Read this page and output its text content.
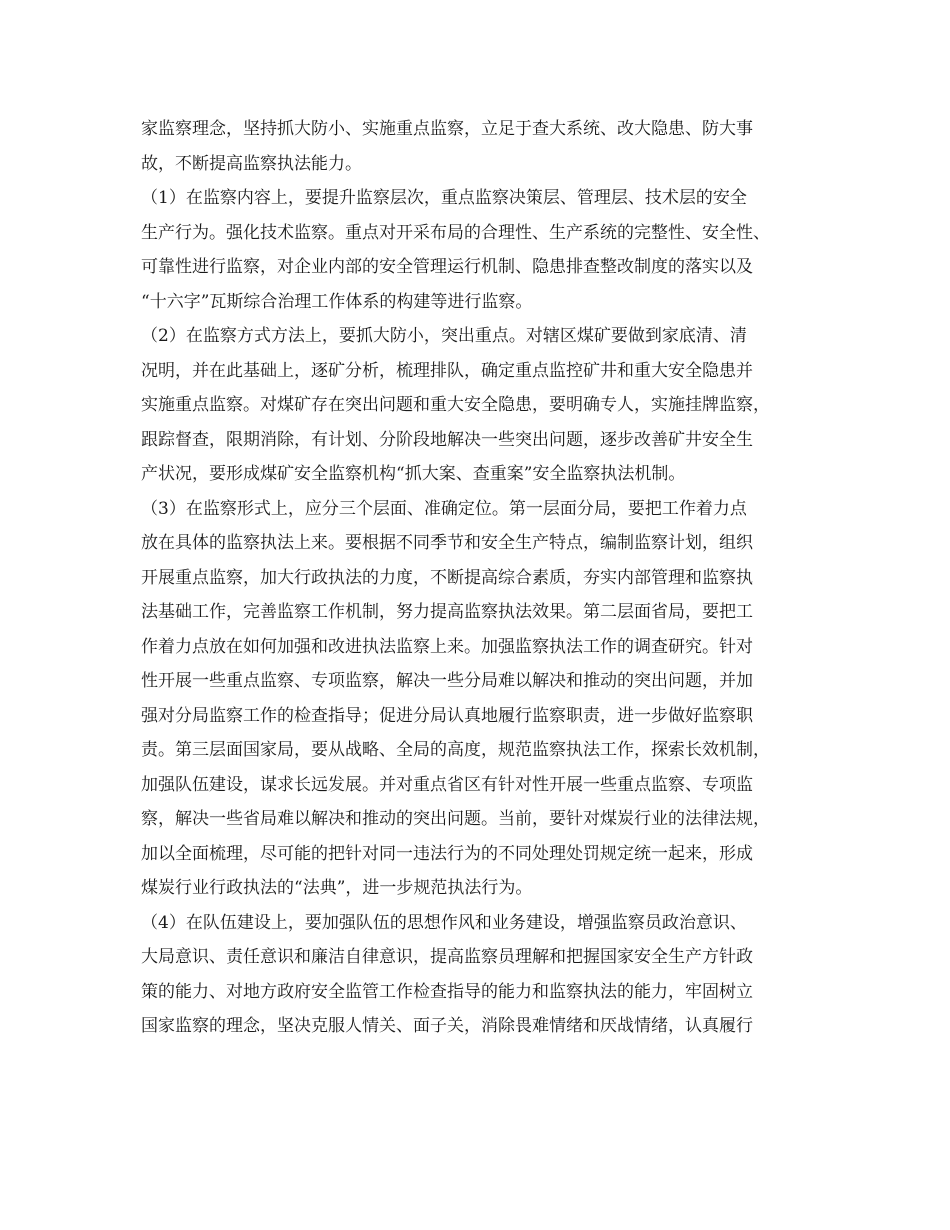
家监察理念，坚持抓大防小、实施重点监察，立足于查大系统、改大隐患、防大事
故，不断提高监察执法能力。
（1）在监察内容上，要提升监察层次，重点监察决策层、管理层、技术层的安全
生产行为。强化技术监察。重点对开采布局的合理性、生产系统的完整性、安全性、
可靠性进行监察，对企业内部的安全管理运行机制、隐患排查整改制度的落实以及
“十六字”瓦斯综合治理工作体系的构建等进行监察。
（2）在监察方式方法上，要抓大防小，突出重点。对辖区煤矿要做到家底清、清
况明，并在此基础上，逐矿分析，梳理排队，确定重点监控矿井和重大安全隐患并
实施重点监察。对煤矿存在突出问题和重大安全隐患，要明确专人，实施挂牌监察，
跟踪督查，限期消除，有计划、分阶段地解决一些突出问题，逐步改善矿井安全生
产状况，要形成煤矿安全监察机构“抓大案、查重案”安全监察执法机制。
（3）在监察形式上，应分三个层面、准确定位。第一层面分局，要把工作着力点
放在具体的监察执法上来。要根据不同季节和安全生产特点，编制监察计划，组织
开展重点监察，加大行政执法的力度，不断提高综合素质，夯实内部管理和监察执
法基础工作，完善监察工作机制，努力提高监察执法效果。第二层面省局，要把工
作着力点放在如何加强和改进执法监察上来。加强监察执法工作的调查研究。针对
性开展一些重点监察、专项监察，解决一些分局难以解决和推动的突出问题，并加
强对分局监察工作的检查指导；促进分局认真地履行监察职责，进一步做好监察职
责。第三层面国家局，要从战略、全局的高度，规范监察执法工作，探索长效机制，
加强队伍建设，谋求长远发展。并对重点省区有针对性开展一些重点监察、专项监
察，解决一些省局难以解决和推动的突出问题。当前，要针对煤炭行业的法律法规，
加以全面梳理，尽可能的把针对同一违法行为的不同处理处罚规定统一起来，形成
煤炭行业行政执法的“法典”，进一步规范执法行为。
（4）在队伍建设上，要加强队伍的思想作风和业务建设，增强监察员政治意识、
大局意识、责任意识和廉洁自律意识，提高监察员理解和把握国家安全生产方针政
策的能力、对地方政府安全监管工作检查指导的能力和监察执法的能力，牢固树立
国家监察的理念，坚决克服人情关、面子关，消除畏难情绪和厌战情绪，认真履行
